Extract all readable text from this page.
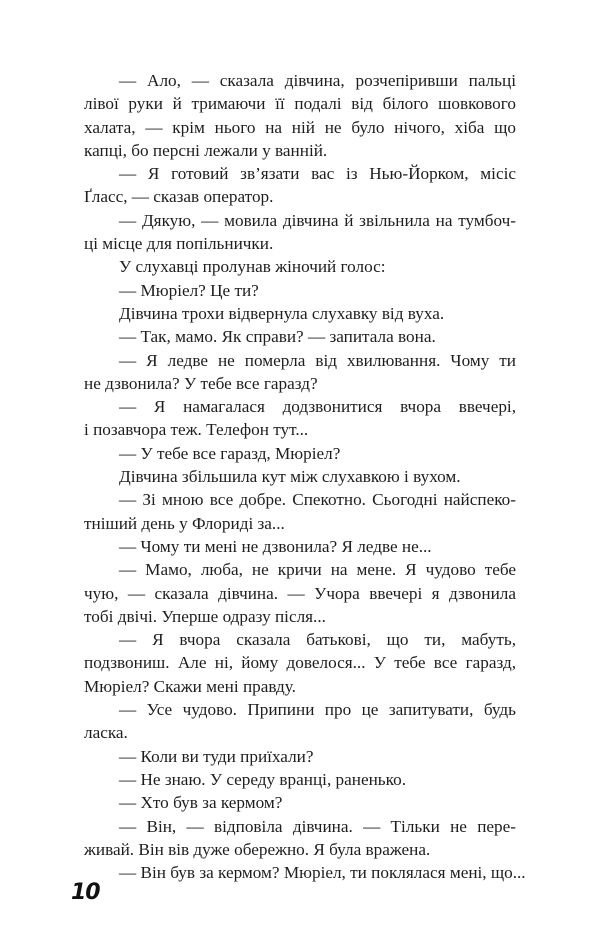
— Ало, — сказала дівчина, розчепіривши пальці
лівої руки й тримаючи її подалі від білого шовкового
халата, — крім нього на ній не було нічого, хіба що
капці, бо персні лежали у ванній.
— Я готовий зв’язати вас із Нью-Йорком, місіс
Ґласс, — сказав оператор.
— Дякую, — мовила дівчина й звільнила на тумбоч-
ці місце для попільнички.
У слухавці пролунав жіночий голос:
— Мюріел? Це ти?
Дівчина трохи відвернула слухавку від вуха.
— Так, мамо. Як справи? — запитала вона.
— Я ледве не померла від хвилювання. Чому ти
не дзвонила? У тебе все гаразд?
— Я намагалася додзвонитися вчора ввечері,
і позавчора теж. Телефон тут...
— У тебе все гаразд, Мюріел?
Дівчина збільшила кут між слухавкою і вухом.
— Зі мною все добре. Спекотно. Сьогодні найспеко-
тніший день у Флориді за...
— Чому ти мені не дзвонила? Я ледве не...
— Мамо, люба, не кричи на мене. Я чудово тебе
чую, — сказала дівчина. — Учора ввечері я дзвонила
тобі двічі. Уперше одразу після...
— Я вчора сказала батькові, що ти, мабуть,
подзвониш. Але ні, йому довелося... У тебе все гаразд,
Мюріел? Скажи мені правду.
— Усе чудово. Припини про це запитувати, будь
ласка.
— Коли ви туди приїхали?
— Не знаю. У середу вранці, раненько.
— Хто був за кермом?
— Він, — відповіла дівчина. — Тільки не пере-
живай. Він вів дуже обережно. Я була вражена.
— Він був за кермом? Мюріел, ти поклялася мені, що...
10
